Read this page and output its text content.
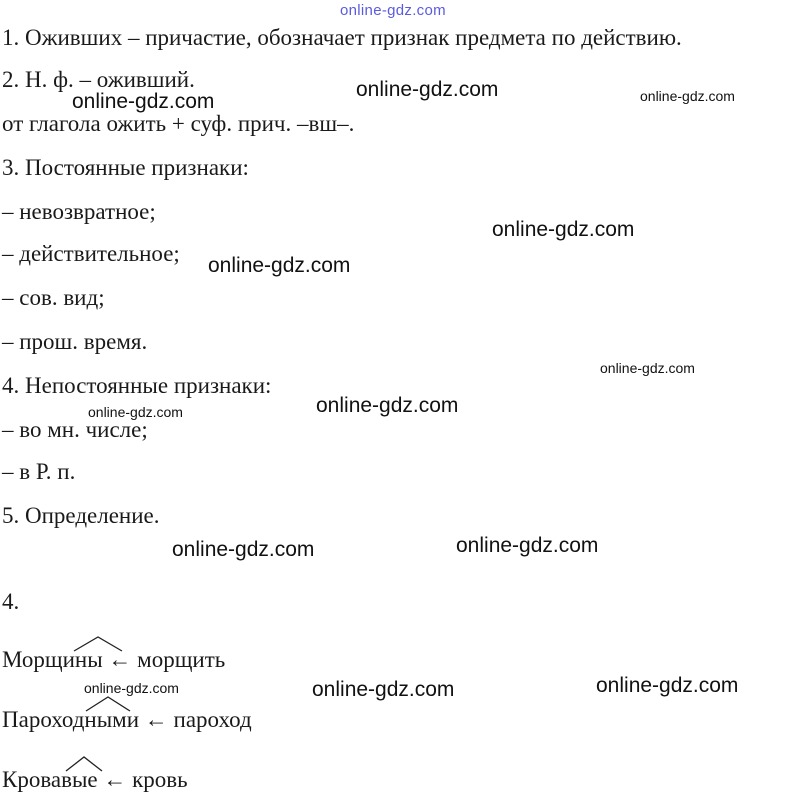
online-gdz.com

1. Оживших – причастие, обозначает признак предмета по действию.

2. Н. ф. – оживший.

от глагола ожить + суф. прич. –вш–.

3. Постоянные признаки:

– невозвратное;

– действительное;

– сов. вид;

– прош. время.

4. Непостоянные признаки:

– во мн. числе;

– в Р. п.

5. Определение.

4.

Морщины ← морщить
Пароходными ← пароход
Кровавые ← кровь
online-gdz.com
online-gdz.com	online-gdz.com
online-gdz.com
online-gdz.com
online-gdz.com
online-gdz.com
online-gdz.com
online-gdz.com	online-gdz.com
online-gdz.com	online-gdz.com	online-gdz.com
